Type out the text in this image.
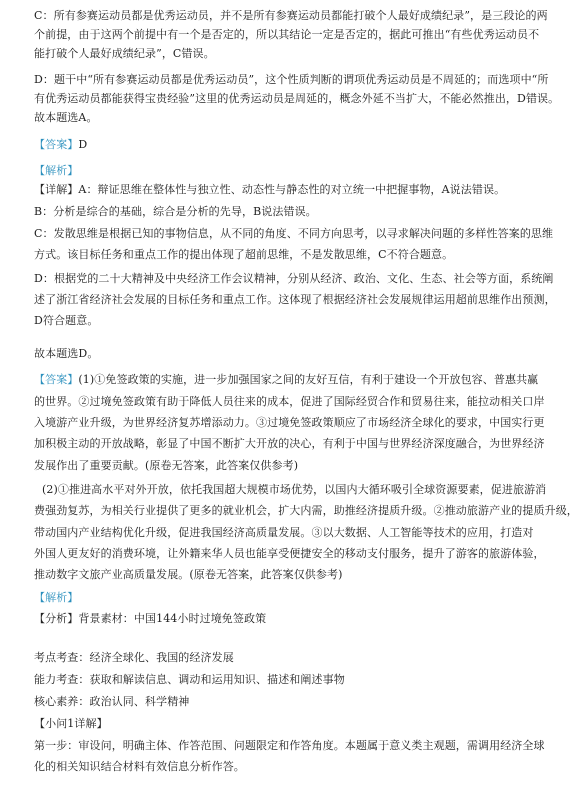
C：所有参赛运动员都是优秀运动员，并不是所有参赛运动员都能打破个人最好成绩纪录”，是三段论的两
个前提，由于这两个前提中有一个是否定的，所以其结论一定是否定的，据此可推出“有些优秀运动员不
能打破个人最好成绩纪录”，C错误。
D：题干中“所有参赛运动员都是优秀运动员”，这个性质判断的谓项优秀运动员是不周延的；而选项中“所
有优秀运动员都能获得宝贵经验”这里的优秀运动员是周延的，概念外延不当扩大，不能必然推出，D错误。
故本题选A。
【答案】D
【解析】
【详解】A：辩证思维在整体性与独立性、动态性与静态性的对立统一中把握事物，A说法错误。
B：分析是综合的基础，综合是分析的先导，B说法错误。
C：发散思维是根据已知的事物信息，从不同的角度、不同方向思考，以寻求解决问题的多样性答案的思维
方式。该目标任务和重点工作的提出体现了超前思维，不是发散思维，C不符合题意。
D：根据党的二十大精神及中央经济工作会议精神，分别从经济、政治、文化、生态、社会等方面，系统阐
述了浙江省经济社会发展的目标任务和重点工作。这体现了根据经济社会发展规律运用超前思维作出预测，
D符合题意。
故本题选D。
【答案】(1)①免签政策的实施，进一步加强国家之间的友好互信，有利于建设一个开放包容、普惠共赢
的世界。②过境免签政策有助于降低人员往来的成本，促进了国际经贸合作和贸易往来，能拉动相关口岸
入境游产业升级，为世界经济复苏增添动力。③过境免签政策顺应了市场经济全球化的要求，中国实行更
加积极主动的开放战略，彰显了中国不断扩大开放的决心，有利于中国与世界经济深度融合，为世界经济
发展作出了重要贡献。(原卷无答案，此答案仅供参考)
(2)①推进高水平对外开放，依托我国超大规模市场优势，以国内大循环吸引全球资源要素，促进旅游消
费强劲复苏，为相关行业提供了更多的就业机会，扩大内需，助推经济提质升级。②推动旅游产业的提质升级，
带动国内产业结构优化升级，促进我国经济高质量发展。③以大数据、人工智能等技术的应用，打造对
外国人更友好的消费环境，让外籍来华人员也能享受便捷安全的移动支付服务，提升了游客的旅游体验，
推动数字文旅产业高质量发展。(原卷无答案，此答案仅供参考)
【解析】
【分析】背景素材：中国144小时过境免签政策
考点考查：经济全球化、我国的经济发展
能力考查：获取和解读信息、调动和运用知识、描述和阐述事物
核心素养：政治认同、科学精神
【小问1详解】
第一步：审设问，明确主体、作答范围、问题限定和作答角度。本题属于意义类主观题，需调用经济全球
化的相关知识结合材料有效信息分析作答。
